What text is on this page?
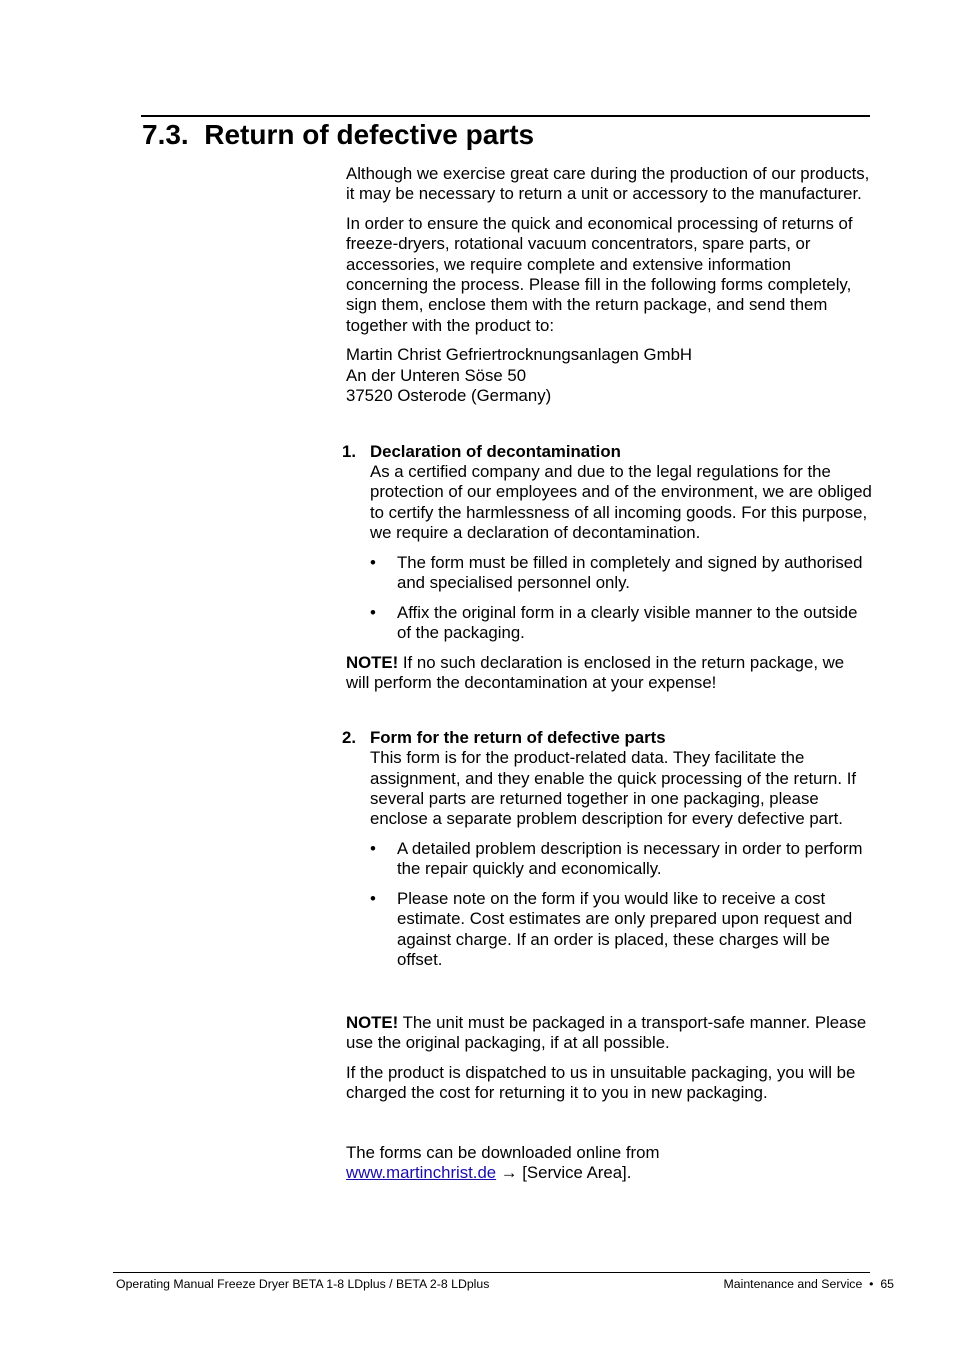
7.3. Return of defective parts

Although we exercise great care during the production of our products, it may be necessary to return a unit or accessory to the manufacturer.

In order to ensure the quick and economical processing of returns of freeze-dryers, rotational vacuum concentrators, spare parts, or accessories, we require complete and extensive information concerning the process. Please fill in the following forms completely, sign them, enclose them with the return package, and send them together with the product to:

Martin Christ Gefriertrocknungsanlagen GmbH
An der Unteren Söse 50
37520 Osterode (Germany)

1. Declaration of decontamination
As a certified company and due to the legal regulations for the protection of our employees and of the environment, we are obliged to certify the harmlessness of all incoming goods. For this purpose, we require a declaration of decontamination.
• The form must be filled in completely and signed by authorised and specialised personnel only.
• Affix the original form in a clearly visible manner to the outside of the packaging.

NOTE! If no such declaration is enclosed in the return package, we will perform the decontamination at your expense!

2. Form for the return of defective parts
This form is for the product-related data. They facilitate the assignment, and they enable the quick processing of the return. If several parts are returned together in one packaging, please enclose a separate problem description for every defective part.
• A detailed problem description is necessary in order to perform the repair quickly and economically.
• Please note on the form if you would like to receive a cost estimate. Cost estimates are only prepared upon request and against charge. If an order is placed, these charges will be offset.

NOTE! The unit must be packaged in a transport-safe manner. Please use the original packaging, if at all possible.

If the product is dispatched to us in unsuitable packaging, you will be charged the cost for returning it to you in new packaging.

The forms can be downloaded online from
www.martinchrist.de → [Service Area].

Operating Manual Freeze Dryer BETA 1-8 LDplus / BETA 2-8 LDplus	Maintenance and Service • 65
